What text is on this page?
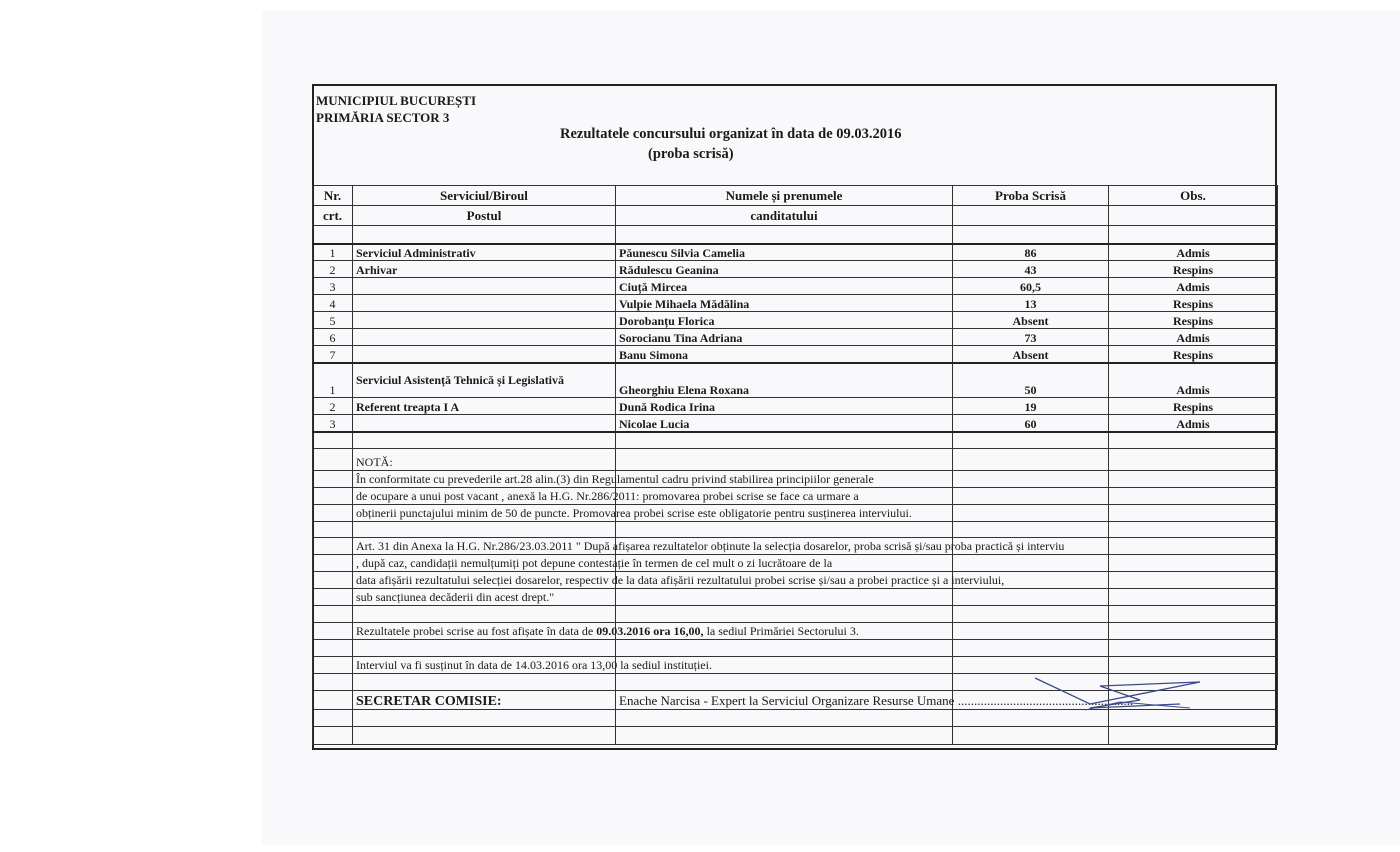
MUNICIPIUL BUCUREȘTI
PRIMĂRIA SECTOR 3
Rezultatele concursului organizat în data de 09.03.2016
(proba scrisă)
Nr.	Serviciul/Biroul	Numele și prenumele	Proba Scrisă	Obs.
crt.	Postul	canditatului		

1	Serviciul Administrativ	Păunescu Silvia Camelia	86	Admis
2	Arhivar	Rădulescu Geanina	43	Respins
3		Ciuță Mircea	60,5	Admis
4		Vulpie Mihaela Mădălina	13	Respins
5		Dorobanțu Florica	Absent	Respins
6		Sorocianu Tina Adriana	73	Admis
7		Banu Simona	Absent	Respins
1	Serviciul Asistență Tehnică și Legislativă	Gheorghiu Elena Roxana	50	Admis
2	Referent treapta I A	Dună Rodica Irina	19	Respins
3		Nicolae Lucia	60	Admis

	NOTĂ:			

	În conformitate cu prevederile art.28 alin.(3) din Regulamentul cadru privind stabilirea principiilor generale			

	de ocupare a unui post vacant , anexă la H.G. Nr.286/2011: promovarea probei scrise se face ca urmare a			

	obținerii punctajului minim de 50 de puncte. Promovarea probei scrise este obligatorie pentru susținerea interviului.			

	Art. 31 din Anexa la H.G. Nr.286/23.03.2011 " După afișarea rezultatelor obținute la selecția dosarelor, proba scrisă și/sau proba practică și interviu			

	, după caz, candidații nemulțumiți pot depune contestație în termen de cel mult o zi lucrătoare de la			

	data afișării rezultatului selecției dosarelor, respectiv de la data afișării rezultatului probei scrise și/sau a probei practice și a interviului,			

	sub sancțiunea decăderii din acest drept."			

	Rezultatele probei scrise au fost afișate în data de 09.03.2016 ora 16,00, la sediul Primăriei Sectorului 3.			

	Interviul va fi susținut în data de 14.03.2016 ora 13,00 la sediul instituției.			

	SECRETAR COMISIE:	Enache Narcisa - Expert la Serviciul Organizare Resurse Umane ......................................................		
